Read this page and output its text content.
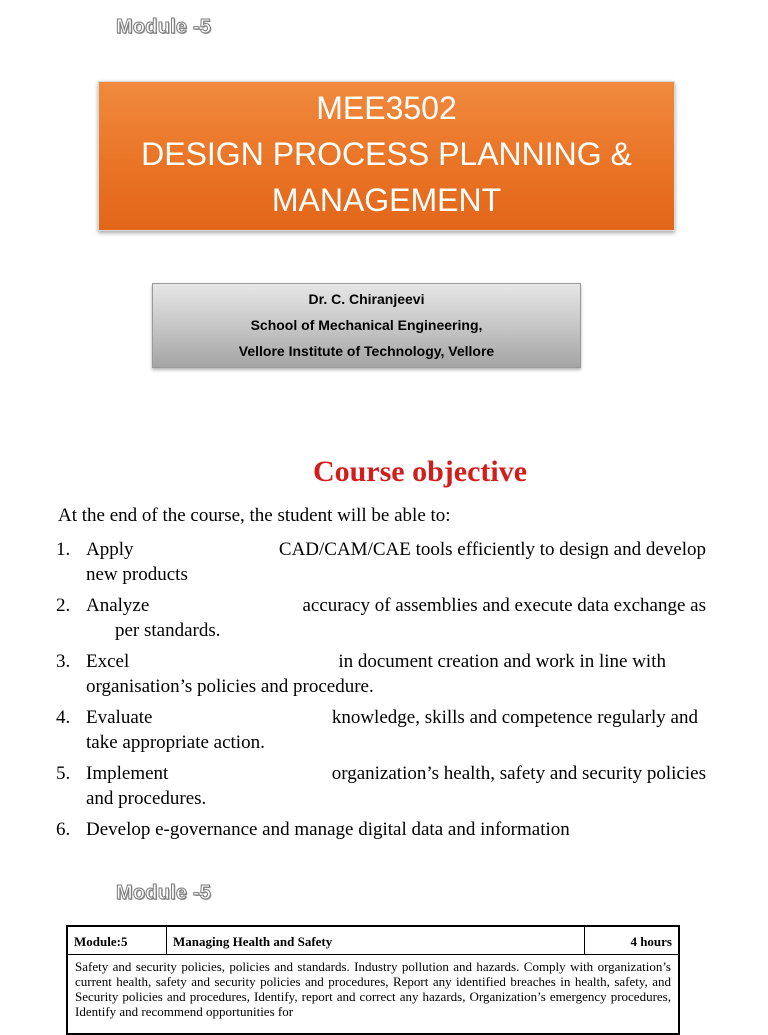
Module -5
MEE3502
DESIGN PROCESS PLANNING &
MANAGEMENT
Dr. C. Chiranjeevi
School of Mechanical Engineering,
Vellore Institute of Technology, Vellore
Course objective
At the end of the course, the student will be able to:
1. Apply	CAD/CAM/CAE tools efficiently to design and develop
new products
2. Analyze	accuracy of assemblies and execute data exchange as
per standards.
3. Excel	in document creation and work in line with
organisation’s policies and procedure.
4. Evaluate	knowledge, skills and competence regularly and
take appropriate action.
5. Implement	organization’s health, safety and security policies
and procedures.
6. Develop e-governance and manage digital data and information
Module -5
Module:5	Managing Health and Safety	4 hours
Safety and security policies, policies and standards. Industry pollution and hazards. Comply with organization’s current health, safety and security policies and procedures, Report any identified breaches in health, safety, and Security policies and procedures, Identify, report and correct any hazards, Organization’s emergency procedures, Identify and recommend opportunities for
